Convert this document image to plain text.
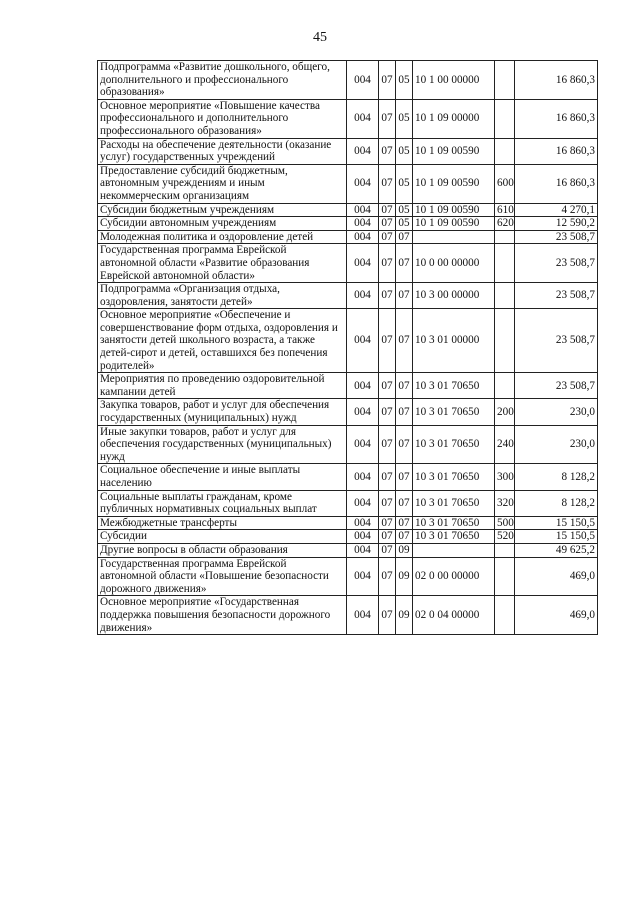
45
Подпрограмма «Развитие дошкольного, общего, дополнительного и профессионального образования»	004	07	05	10 1 00 00000		16 860,3
Основное мероприятие «Повышение качества профессионального и дополнительного профессионального образования»	004	07	05	10 1 09 00000		16 860,3
Расходы на обеспечение деятельности (оказание услуг) государственных учреждений	004	07	05	10 1 09 00590		16 860,3
Предоставление субсидий бюджетным, автономным учреждениям и иным некоммерческим организациям	004	07	05	10 1 09 00590	600	16 860,3
Субсидии бюджетным учреждениям	004	07	05	10 1 09 00590	610	4 270,1
Субсидии автономным учреждениям	004	07	05	10 1 09 00590	620	12 590,2
Молодежная политика и оздоровление детей	004	07	07			23 508,7
Государственная программа Еврейской автономной области «Развитие образования Еврейской автономной области»	004	07	07	10 0 00 00000		23 508,7
Подпрограмма «Организация отдыха, оздоровления, занятости детей»	004	07	07	10 3 00 00000		23 508,7
Основное мероприятие «Обеспечение и совершенствование форм отдыха, оздоровления и занятости детей школьного возраста, а также детей-сирот и детей, оставшихся без попечения родителей»	004	07	07	10 3 01 00000		23 508,7
Мероприятия по проведению оздоровительной кампании детей	004	07	07	10 3 01 70650		23 508,7
Закупка товаров, работ и услуг для обеспечения государственных (муниципальных) нужд	004	07	07	10 3 01 70650	200	230,0
Иные закупки товаров, работ и услуг для обеспечения государственных (муниципальных) нужд	004	07	07	10 3 01 70650	240	230,0
Социальное обеспечение и иные выплаты населению	004	07	07	10 3 01 70650	300	8 128,2
Социальные выплаты гражданам, кроме публичных нормативных социальных выплат	004	07	07	10 3 01 70650	320	8 128,2
Межбюджетные трансферты	004	07	07	10 3 01 70650	500	15 150,5
Субсидии	004	07	07	10 3 01 70650	520	15 150,5
Другие вопросы в области образования	004	07	09			49 625,2
Государственная программа Еврейской автономной области «Повышение безопасности дорожного движения»	004	07	09	02 0 00 00000		469,0
Основное мероприятие «Государственная поддержка повышения безопасности дорожного движения»	004	07	09	02 0 04 00000		469,0
